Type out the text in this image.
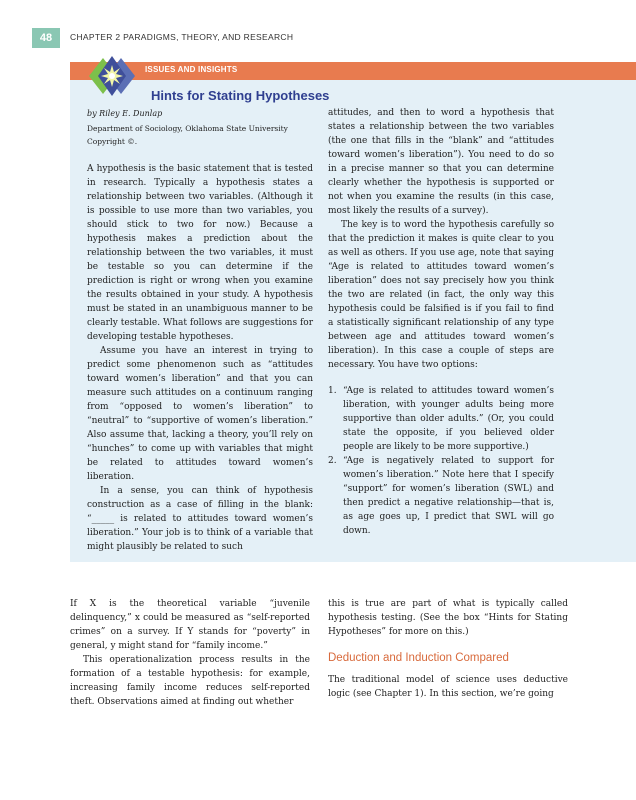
48	CHAPTER 2 PARADIGMS, THEORY, AND RESEARCH
ISSUES AND INSIGHTS
Hints for Stating Hypotheses

by Riley E. Dunlap

Department of Sociology, Oklahoma State University

Copyright ©.

A hypothesis is the basic statement that is tested in research. Typically a hypothesis states a relationship between two variables. (Although it is possible to use more than two variables, you should stick to two for now.) Because a hypothesis makes a prediction about the relationship between the two variables, it must be testable so you can determine if the prediction is right or wrong when you examine the results obtained in your study. A hypothesis must be stated in an unambiguous manner to be clearly testable. What follows are suggestions for developing testable hypotheses.

Assume you have an interest in trying to predict some phenomenon such as “attitudes toward women’s liberation” and that you can measure such attitudes on a continuum ranging from “opposed to women’s liberation” to “neutral” to “supportive of women’s liberation.” Also assume that, lacking a theory, you’ll rely on “hunches” to come up with variables that might be related to attitudes toward women’s liberation.

In a sense, you can think of hypothesis construction as a case of filling in the blank: “_____ is related to attitudes toward women’s liberation.” Your job is to think of a variable that might plausibly be related to such

attitudes, and then to word a hypothesis that states a relationship between the two variables (the one that fills in the “blank” and “attitudes toward women’s liberation”). You need to do so in a precise manner so that you can determine clearly whether the hypothesis is supported or not when you examine the results (in this case, most likely the results of a survey).

The key is to word the hypothesis carefully so that the prediction it makes is quite clear to you as well as others. If you use age, note that saying “Age is related to attitudes toward women’s liberation” does not say precisely how you think the two are related (in fact, the only way this hypothesis could be falsified is if you fail to find a statistically significant relationship of any type between age and attitudes toward women’s liberation). In this case a couple of steps are necessary. You have two options:

1. “Age is related to attitudes toward women’s liberation, with younger adults being more supportive than older adults.” (Or, you could state the opposite, if you believed older people are likely to be more supportive.)
2. “Age is negatively related to support for women’s liberation.” Note here that I specify “support” for women’s liberation (SWL) and then predict a negative relationship—that is, as age goes up, I predict that SWL will go down.

If X is the theoretical variable “juvenile delinquency,” x could be measured as “self-reported crimes” on a survey. If Y stands for “poverty” in general, y might stand for “family income.”

This operationalization process results in the formation of a testable hypothesis: for example, increasing family income reduces self-reported theft. Observations aimed at finding out whether

this is true are part of what is typically called hypothesis testing. (See the box “Hints for Stating Hypotheses” for more on this.)

Deduction and Induction Compared

The traditional model of science uses deductive logic (see Chapter 1). In this section, we’re going
